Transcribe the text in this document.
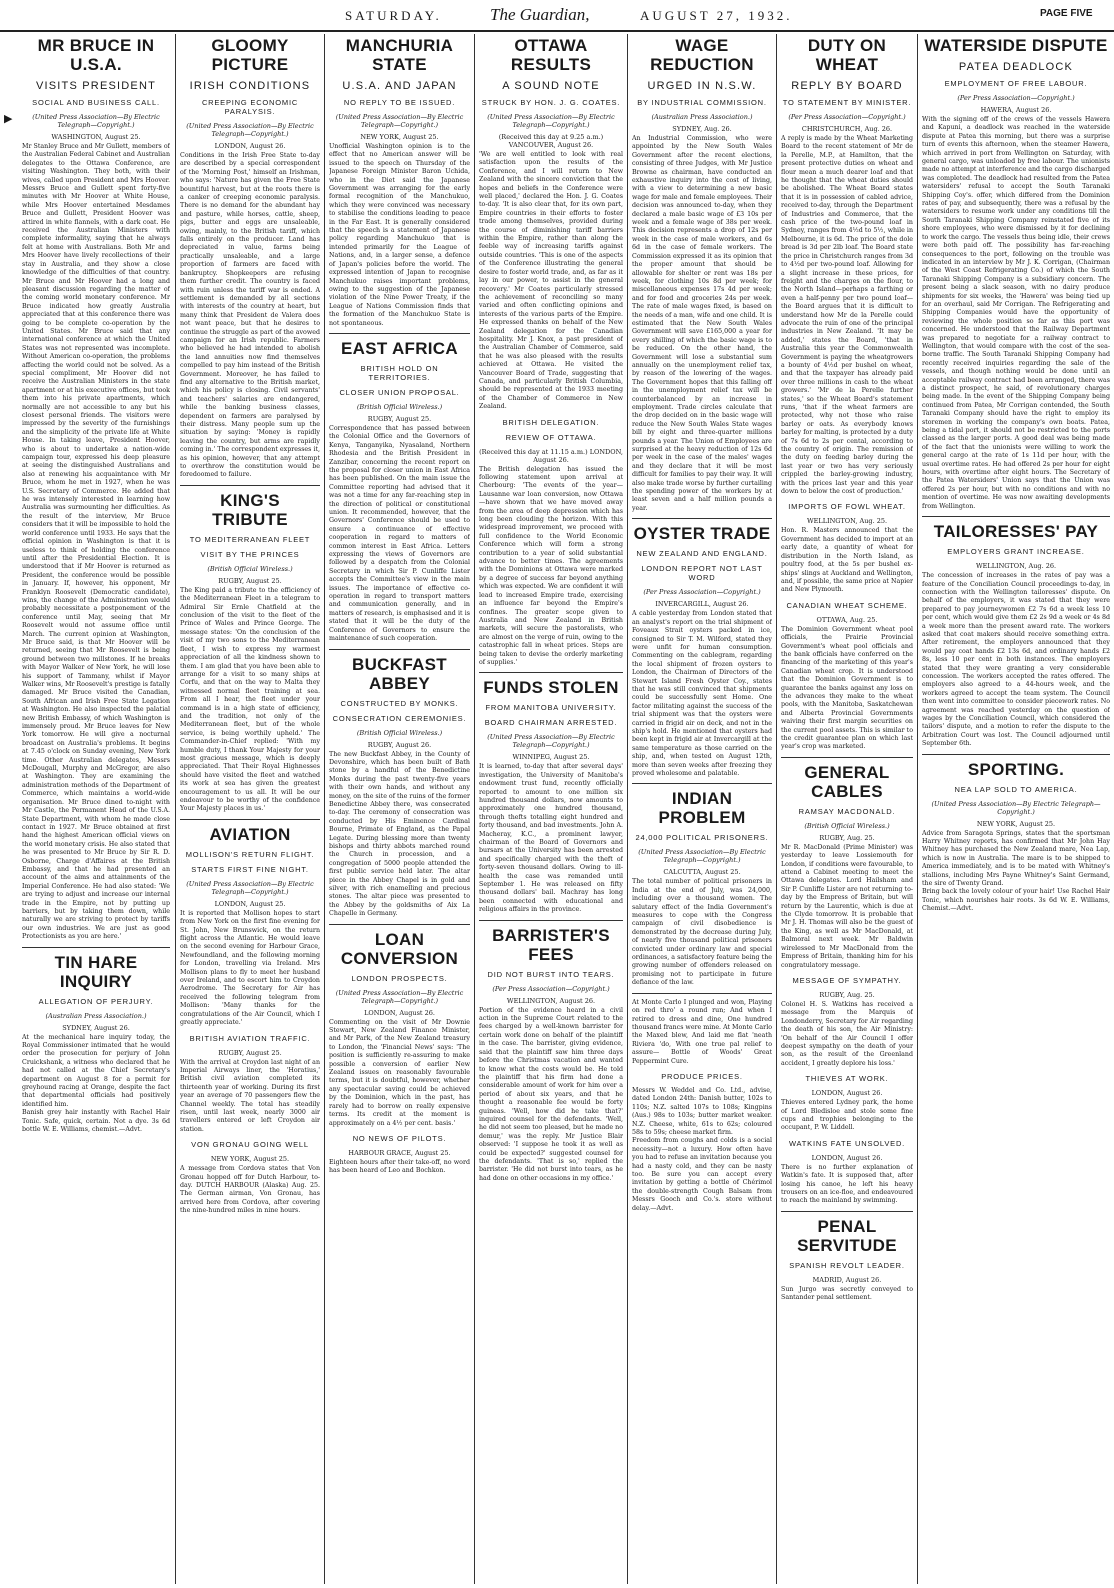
SATURDAY.	The Guardian,	AUGUST 27, 1932.	PAGE FIVE
▶
MR BRUCE IN U.S.A.
VISITS PRESIDENT
SOCIAL AND BUSINESS CALL.
(United Press Association—By Electric Telegraph—Copyright.)
WASHINGTON, August 25.

Mr Stanley Bruce and Mr Gullett, members of the Australian Federal Cabinet and Australian delegates to the Ottawa Conference, are visiting Washington. They both, with their wives, called upon President and Mrs Hoover. Messrs Bruce and Gullett spent forty-five minutes with Mr Hoover at White House, while Mrs Hoover entertained Mesdames Bruce and Gullett, President Hoover was attired in white flannels, with a dark coat. He received the Australian Ministers with complete informality, saying that he always felt at home with Australians. Both Mr and Mrs Hoover have lively recollections of their stay in Australia, and they show a close knowledge of the difficulties of that country. Mr Bruce and Mr Hoover had a long and pleasant discussion regarding the matter of the coming world monetary conference. Mr Bruce indicated how greatly Australia appreciated that at this conference there was going to be complete co-operation by the United States. Mr Bruce said that any international conference at which the United States was not represented was incomplete. Without American co-operation, the problems affecting the world could not be solved. As a special compliment, Mr Hoover did not receive the Australian Ministers in the state apartment or at his executive offices, but took them into his private apartments, which normally are not accessible to any but his closest personal friends. The visitors were impressed by the severity of the furnishings and the simplicity of the private life at White House. In taking leave, President Hoover, who is about to undertake a nation-wide campaign tour, expressed his deep pleasure at seeing the distinguished Australians and also at renewing his acquaintance with Mr Bruce, whom he met in 1927, when he was U.S. Secretary of Commerce. He added that he was intensely interested in learning how Australia was surmounting her difficulties. As the result of the interview, Mr Bruce considers that it will be impossible to hold the world conference until 1933. He says that the official opinion in Washington is that it is useless to think of holding the conference until after the Presidential Election. It is understood that if Mr Hoover is returned as President, the conference would be possible in January. If, however, his opponent, Mr Franklyn Roosevelt (Democratic candidate), wins, the change of the Administration would probably necessitate a postponement of the conference until May, seeing that Mr Roosevelt would not assume office until March. The current opinion at Washington, Mr Bruce said, is that Mr Hoover will be returned, seeing that Mr Roosevelt is being ground between two millstones. If he breaks with Mayor Walker of New York, he will lose his support of Tammany, whilst if Mayor Walker wins, Mr Roosevelt's prestige is fatally damaged. Mr Bruce visited the Canadian, South African and Irish Free State Legation at Washington. He also inspected the palatial new British Embassy, of which Washington is immensely proud. Mr Bruce leaves for New York tomorrow. He will give a nocturnal broadcast on Australia's problems. It begins at 7.45 o'clock on Sunday evening, New York time. Other Australian delegates, Messrs McDougall, Murphy and McGregor, are also at Washington. They are examining the administration methods of the Department of Commerce, which maintains a world-wide organisation. Mr Bruce dined to-night with Mr Castle, the Permanent Head of the U.S.A. State Department, with whom he made close contact in 1927. Mr Bruce obtained at first hand the highest American official views on the world monetary crisis. He also stated that he was presented to Mr Bruce by Sir R. D. Osborne, Charge d'Affaires at the British Embassy, and that he had presented an account of the aims and attainments of the Imperial Conference. He had also stated: 'We are trying to adjust and increase our internal trade in the Empire, not by putting up barriers, but by taking them down, while naturally we are striving to protect by tariffs our own industries. We are just as good Protectionists as you are here.'

TIN HARE INQUIRY
ALLEGATION OF PERJURY.
(Australian Press Association.)
SYDNEY, August 26.

At the mechanical hare inquiry today, the Royal Commissioner intimated that he would order the prosecution for perjury of John Cruickshank, a witness who declared that he had not called at the Chief Secretary's department on August 8 for a permit for greyhound racing at Orange, despite the fact that departmental officials had positively identified him.

Banish grey hair instantly with Rachel Hair Tonic. Safe, quick, certain. Not a dye. 3s 6d bottle W. E. Williams, chemist.—Advt.

GLOOMY PICTURE
IRISH CONDITIONS
CREEPING ECONOMIC PARALYSIS.
(United Press Association—By Electric Telegraph—Copyright.)
LONDON, August 26.

Conditions in the Irish Free State to-day are described by a special correspondent of the 'Morning Post,' himself an Irishman, who says: 'Nature has given the Free State bountiful harvest, but at the roots there is a canker of creeping economic paralysis. There is no demand for the abundant hay and pasture, while horses, cattle, sheep, pigs, butter and eggs are unsaleable, owing, mainly, to the British tariff, which falls entirely on the producer. Land has depreciated in value, farms being practically unsaleable, and a large proportion of farmers are faced with bankruptcy. Shopkeepers are refusing them further credit. The country is faced with ruin unless the tariff war is ended. A settlement is demanded by all sections with interests of the country at heart, but many think that President de Valera does not want peace, but that he desires to continue the struggle as part of the avowed campaign for an Irish republic. Farmers who believed he had intended to abolish the land annuities now find themselves compelled to pay him instead of the British Government. Moreover, he has failed to find any alternative to the British market, which his policy is closing. Civil servants' and teachers' salaries are endangered, while the banking business classes, dependent on farmers are paralysed by their distress. Many people sum up the situation by saying: 'Money is rapidly leaving the country, but arms are rapidly coming in.' The correspondent expresses it, as his opinion, however, that any attempt to overthrow the constitution would be foredoomed to failure.

KING'S TRIBUTE
TO MEDITERRANEAN FLEET
VISIT BY THE PRINCES
(British Official Wireless.)
RUGBY, August 25.

The King paid a tribute to the efficiency of the Mediterranean Fleet in a telegram to Admiral Sir Ernle Chatfield at the conclusion of the visit to the fleet of the Prince of Wales and Prince George. The message states: 'On the conclusion of the visit of my two sons to the Mediterranean fleet, I wish to express my warmest appreciation of all the kindness shown to them. I am glad that you have been able to arrange for a visit to so many ships at Corfu, and that on the way to Malta they witnessed normal fleet training at sea. From all I hear, the fleet under your command is in a high state of efficiency, and the tradition, not only of the Mediterranean fleet, but of the whole service, is being worthily upheld.' The Commander-in-Chief replied: 'With my humble duty, I thank Your Majesty for your most gracious message, which is deeply appreciated. That Their Royal Highnesses should have visited the fleet and watched its work at sea has given the greatest encouragement to us all. It will be our endeavour to be worthy of the confidence Your Majesty places in us.'

AVIATION
MOLLISON'S RETURN FLIGHT.
STARTS FIRST FINE NIGHT.
(United Press Association—By Electric Telegraph—Copyright.)
LONDON, August 25.

It is reported that Mollison hopes to start from New York on the first fine evening for St. John, New Brunswick, on the return flight across the Atlantic. He would leave on the second evening for Harbour Grace, Newfoundland, and the following morning for London, travelling via Ireland. Mrs Mollison plans to fly to meet her husband over Ireland, and to escort him to Croydon Aerodrome. The Secretary for Air has received the following telegram from Mollison: 'Many thanks for the congratulations of the Air Council, which I greatly appreciate.'

BRITISH AVIATION TRAFFIC.
RUGBY, August 25.

With the arrival at Croydon last night of an Imperial Airways liner, the 'Horatius,' British civil aviation completed its thirteenth year of working. During its first year an average of 70 passengers flew the Channel weekly. The total has steadily risen, until last week, nearly 3000 air travellers entered or left Croydon air station.

VON GRONAU GOING WELL
NEW YORK, August 25.

A message from Cordova states that Von Gronau hopped off for Dutch Harbour, to-day. DUTCH HARBOUR (Alaska) Aug. 25. The German airman, Von Gronau, has arrived here from Cordova, after covering the nine-hundred miles in nine hours.

MANCHURIA STATE
U.S.A. AND JAPAN
NO REPLY TO BE ISSUED.
(United Press Association—By Electric Telegraph—Copyright.)
NEW YORK, August 25.

Unofficial Washington opinion is to the effect that no American answer will be issued to the speech on Thursday of the Japanese Foreign Minister Baron Uchida, who in the Diet said the Japanese Government was arranging for the early formal recognition of the Manchukuo, which they were convinced was necessary to stabilise the conditions leading to peace in the Far East. It is generally considered that the speech is a statement of Japanese policy regarding Manchukuo that is intended primarily for the League of Nations, and, in a larger sense, a defence of Japan's policies before the world. The expressed intention of Japan to recognise Manchukuo raises important problems, owing to the suggestion of the Japanese violation of the Nine Power Treaty, if the League of Nations Commission finds that the formation of the Manchukuo State is not spontaneous.

EAST AFRICA
BRITISH HOLD ON TERRITORIES.
CLOSER UNION PROPOSAL.
(British Official Wireless.)
RUGBY, August 25.

Correspondence that has passed between the Colonial Office and the Governors of Kenya, Tanganyika, Nyasaland, Northern Rhodesia and the British President in Zanzibar, concerning the recent report on the proposal for closer union in East Africa has been published. On the main issue the Committee reporting had advised that it was not a time for any far-reaching step in the direction of political or constitutional union. It recommended, however, that the Governors' Conference should be used to ensure a continuance of effective cooperation in regard to matters of common interest in East Africa. Letters expressing the views of Governors are followed by a despatch from the Colonial Secretary in which Sir P. Cunliffe Lister accepts the Committee's view in the main issues. The importance of effective co-operation in regard to transport matters and communication generally, and in matters of research, is emphasised and it is stated that it will be the duty of the Conference of Governors to ensure the maintenance of such cooperation.

BUCKFAST ABBEY
CONSTRUCTED BY MONKS.
CONSECRATION CEREMONIES.
(British Official Wireless.)
RUGBY, August 26.

The new Buckfast Abbey, in the County of Devonshire, which has been built of Bath stone by a handful of the Benedictine Monks during the past twenty-five years with their own hands, and without any money, on the site of the ruins of the former Benedictine Abbey there, was consecrated to-day. The ceremony of consecration was conducted by His Eminence Cardinal Bourne, Primate of England, as the Papal Legate. During blessing more than twenty bishops and thirty abbots marched round the Church in procession, and a congregation of 5000 people attended the first public service held later. The altar piece in the Abbey Chapel is in gold and silver, with rich enamelling and precious stones. The altar piece was presented to the Abbey by the goldsmiths of Aix La Chapelle in Germany.

LOAN CONVERSION
LONDON PROSPECTS.
(United Press Association—By Electric Telegraph—Copyright.)
LONDON, August 26.

Commenting on the visit of Mr Downie Stewart, New Zealand Finance Minister, and Mr Park, of the New Zealand treasury to London, the 'Financial News' says: 'The position is sufficiently re-assuring to make possible a conversion of earlier New Zealand issues on reasonably favourable terms, but it is doubtful, however, whether any spectacular saving could be achieved by the Dominion, which in the past, has rarely had to borrow on really expensive terms. Its credit at the moment is approximately on a 4½ per cent. basis.'

NO NEWS OF PILOTS.
HARBOUR GRACE, August 25.

Eighteen hours after their take-off, no word has been heard of Leo and Bochkon.

OTTAWA RESULTS
A SOUND NOTE
STRUCK BY HON. J. G. COATES.
(United Press Association—By Electric Telegraph—Copyright.)
(Received this day at 9.25 a.m.) VANCOUVER, August 26.

'We are well entitled to look with real satisfaction upon the results of the Conference, and I will return to New Zealand with the sincere conviction that the hopes and beliefs in the Conference were well placed,' declared the Hon. J. G. Coates to-day. 'It is also clear that, for its own part, Empire countries in their efforts to foster trade among themselves, provided during the course of diminishing tariff barriers within the Empire, rather than along the feeble way of increasing tariffs against outside countries. 'This is one of the aspects of the Conference illustrating the general desire to foster world trade, and, as far as it lay in our power, to assist in the general recovery.' Mr Coates particularly stressed the achievement of reconciling so many varied and often conflicting opinions and interests of the various parts of the Empire. He expressed thanks on behalf of the New Zealand delegation for the Canadian hospitality. Mr J. Knox, a past president of the Australian Chamber of Commerce, said that he was also pleased with the results achieved at Ottawa. He visited the Vancouver Board of Trade, suggesting that Canada, and particularly British Columbia, should be represented at the 1933 meeting of the Chamber of Commerce in New Zealand.

BRITISH DELEGATION.
REVIEW OF OTTAWA.
(Received this day at 11.15 a.m.) LONDON, August 26.

The British delegation has issued the following statement upon arrival at Cherbourg: 'The events of the year—Lausanne war loan conversion, now Ottawa—have shown that we have moved away from the area of deep depression which has long been clouding the horizon. With this widespread improvement, we proceed with full confidence to the World Economic Conference which will form a strong contribution to a year of solid substantial advance to better times. The agreements with the Dominions at Ottawa were marked by a degree of success far beyond anything which was expected. We are confident it will lead to increased Empire trade, exercising an influence far beyond the Empire's confines. The greater scope given to Australia and New Zealand in British markets, will secure the pastoralists, who are almost on the verge of ruin, owing to the catastrophic fall in wheat prices. Steps are being taken to devise the orderly marketing of supplies.'

FUNDS STOLEN
FROM MANITOBA UNIVERSITY.
BOARD CHAIRMAN ARRESTED.
(United Press Association—By Electric Telegraph—Copyright.)
WINNIPEG, August 25.

It is learned, to-day that after several days' investigation, the University of Manitoba's endowment trust fund, recently officially reported to amount to one million six hundred thousand dollars, now amounts to approximately one hundred thousand, through thefts totalling eight hundred and forty thousand, and bad investments. John A. Macheray, K.C., a prominent lawyer, chairman of the Board of Governors and bursars at the University has been arrested and specifically charged with the theft of forty-seven thousand dollars. Owing to ill-health the case was remanded until September 1. He was released on fifty thousand dollars' bail. Machray has long been connected with educational and religious affairs in the province.

BARRISTER'S FEES
DID NOT BURST INTO TEARS.
(Per Press Association—Copyright.)
WELLINGTON, August 26.

Portion of the evidence heard in a civil action in the Supreme Court related to the fees charged by a well-known barrister for certain work done on behalf of the plaintiff in the case. The barrister, giving evidence, said that the plaintiff saw him three days before the Christmas vacation and wanted to know what the costs would be. He told the plaintiff that his firm had done a considerable amount of work for him over a period of about six years, and that he thought a reasonable fee would be forty guineas. 'Well, how did he take that?' inquired counsel for the defendants. 'Well, he did not seem too pleased, but he made no demur,' was the reply. Mr Justice Blair observed: 'I suppose he took it as well as could be expected?' suggested counsel for the defendants. 'That is so,' replied the barrister. 'He did not burst into tears, as he had done on other occasions in my office.'

WAGE REDUCTION
URGED IN N.S.W.
BY INDUSTRIAL COMMISSION.
(Australian Press Association.)
SYDNEY, Aug. 26.

An Industrial Commission, who were appointed by the New South Wales Government after the recent elections, consisting of three Judges, with Mr Justice Browne as chairman, have conducted an exhaustive inquiry into the cost of living, with a view to determining a new basic wage for male and female employees. Their decision was announced to-day, when they declared a male basic wage of £3 10s per week and a female wage of 38s per week. This decision represents a drop of 12s per week in the case of male workers, and 6s 6d in the case of female workers. The Commission expressed it as its opinion that the proper amount that should be allowable for shelter or rent was 18s per week, for clothing 10s 8d per week; for miscellaneous expenses 17s 4d per week; and for food and groceries 24s per week. The rate of male wages fixed, is based on the needs of a man, wife and one child. It is estimated that the New South Wales Government will save £165,000 a year for every shilling of which the basic wage is to be reduced. On the other hand, the Government will lose a substantial sum annually on the unemployment relief tax, by reason of the lowering of the wages. The Government hopes that this falling off in the unemployment relief tax will be counterbalanced by an increase in employment. Trade circles calculate that the drop decided on in the basic wage will reduce the New South Wales State wages bill by eight and three-quarter millions pounds a year. The Union of Employees are surprised at the heavy reduction of 12s 6d per week in the case of the males' wages and they declare that it will be most difficult for families to pay their way. It will also make trade worse by further curtailing the spending power of the workers by at least seven and a half million pounds a year.

OYSTER TRADE
NEW ZEALAND AND ENGLAND.
LONDON REPORT NOT LAST WORD
(Per Press Association—Copyright.)
INVERCARGILL, August 26.

A cable yesterday from London stated that an analyst's report on the trial shipment of Foveaux Strait oysters packed in ice, consigned to Sir T. M. Wilford, stated they were unfit for human consumption. Commenting on the cablegram, regarding the local shipment of frozen oysters to London, the Chairman of Directors of the Stewart Island Fresh Oyster Coy., states that he was still convinced that shipments could be successfully sent Home. One factor militating against the success of the trial shipment was that the oysters were carried in frigid air on deck, and not in the ship's hold. He mentioned that oysters had been kept in frigid air at Invercargill at the same temperature as those carried on the ship, and, when tested on August 12th, more than seven weeks after freezing they proved wholesome and palatable.

INDIAN PROBLEM
24,000 POLITICAL PRISONERS.
(United Press Association—By Electric Telegraph—Copyright.)
CALCUTTA, August 25.

The total number of political prisoners in India at the end of July, was 24,000, including over a thousand women. The salutary effect of the India Government's measures to cope with the Congress campaign of civil disobedience is demonstrated by the decrease during July, of nearly five thousand political prisoners convicted under ordinary law and special ordinances, a satisfactory feature being the growing number of offenders released on promising not to participate in future defiance of the law.

At Monte Carlo I plunged and won, Playing on red thro' a round run; And when I retired to dress and dine, One hundred thousand francs were mine. At Monte Carlo the Maxed blew, And laid me flat 'neath Riviera 'do, With one true pal relief to assure— Bottle of Woods' Great Peppermint Cure.

PRODUCE PRICES.

Messrs W. Weddel and Co. Ltd., advise, dated London 24th: Danish butter, 102s to 110s; N.Z. salted 107s to 108s; Kingpins (Aus.) 98s to 103s; butter market weaker. N.Z. Cheese, white, 61s to 62s; coloured 58s to 59s; cheese market firm.

Freedom from coughs and colds is a social necessity—not a luxury. How often have you had to refuse an invitation because you had a nasty cold, and they can be nasty too. Be sure you can accept every invitation by getting a bottle of Chérimol the double-strength Cough Balsam from Messrs Gooch and Co.'s. store without delay.—Advt.

DUTY ON WHEAT
REPLY BY BOARD
TO STATEMENT BY MINISTER.
(Per Press Association—Copyright.)
CHRISTCHURCH, Aug. 26.

A reply is made by the Wheat Marketing Board to the recent statement of Mr de la Perelle, M.P., at Hamilton, that the present protective duties on wheat and flour mean a much dearer loaf and that he thought that the wheat duties should be abolished. The Wheat Board states that it is in possession of cabled advice, received to-day, through the Department of Industries and Commerce, that the cash price of the two-pound loaf in Sydney, ranges from 4½d to 5½, while in Melbourne, it is 6d. The price of the dole bread is 3d per 2lb loaf. The Board state the price in Christchurch ranges from 3d to 4½d per two-pound loaf. Allowing for a slight increase in these prices, for freight and the charges on the flour, to the North Island—perhaps a farthing or even a half-penny per two pound loaf—the Board argues that it is difficult to understand how Mr de la Perelle could advocate the ruin of one of the principal industries in New Zealand. 'It may be added,' states the Board, 'that in Australia this year the Commonwealth Government is paying the wheatgrowers a bounty of 4½d per bushel on wheat, and that the taxpayer has already paid over three millions in cash to the wheat growers.' 'Mr de la Perelle further states,' so the Wheat Board's statement runs, 'that if the wheat farmers are protected, why not those who raise barley or oats. As everybody knows barley for malting, is protected by a duty of 7s 6d to 2s per cental, according to the country of origin. The remission of the duty on feeding barley during the last year or two has very seriously crippled the barley-growing industry, with the prices last year and this year down to below the cost of production.'

IMPORTS OF FOWL WHEAT.
WELLINGTON, Aug. 25.

Hon. R. Masters announced that the Government has decided to import at an early date, a quantity of wheat for distribution in the North Island, as poultry food, at the 5s per bushel ex-ships' slings at Auckland and Wellington, and, if possible, the same price at Napier and New Plymouth.

CANADIAN WHEAT SCHEME.
OTTAWA, Aug. 25.

The Dominion Government wheat pool officials, the Prairie Provincial Government's wheat pool officials and the bank officials have conferred on the financing of the marketing of this year's Canadian wheat crop. It is understood that the Dominion Government is to guarantee the banks against any loss on the advances they make to the wheat pools, with the Manitoba, Saskatchewan and Alberta Provincial Governments waiving their first margin securities on the current pool assets. This is similar to the credit guarantee plan on which last year's crop was marketed.

GENERAL CABLES
RAMSAY MACDONALD.
(British Official Wireless.)
RUGBY, Aug. 25.

Mr R. MacDonald (Prime Minister) was yesterday to leave Lossiemouth for London, if conditions were favourable, to attend a Cabinet meeting to meet the Ottawa delegates. Lord Hailsham and Sir P. Cunliffe Lister are not returning to-day by the Empress of Britain, but will return by the Laurentic, which is due at the Clyde tomorrow. It is probable that Mr J. H. Thomas will also be the guest of the King, as well as Mr MacDonald, at Balmoral next week. Mr Baldwin wirelessed to Mr MacDonald from the Empress of Britain, thanking him for his congratulatory message.

MESSAGE OF SYMPATHY.
RUGBY, Aug. 25.

Colonel H. S. Watkins has received a message from the Marquis of Londonderry, Secretary for Air regarding the death of his son, the Air Ministry: 'On behalf of the Air Council I offer deepest sympathy on the death of your son, as the result of the Greenland accident, I greatly deplore his loss.'

THIEVES AT WORK.
LONDON, August 26.

Thieves entered Lydney park, the home of Lord Bledisloe and stole some fine cups and trophies belonging to the occupant, P. W. Liddell.

WATKINS FATE UNSOLVED.
LONDON, August 26.

There is no further explanation of Watkin's fate. It is supposed that, after losing his canoe, he left his heavy trousers on an ice-floe, and endeavoured to reach the mainland by swimming.

PENAL SERVITUDE
SPANISH REVOLT LEADER.
MADRID, August 26.

Sun Jurgo was secretly conveyed to Santander penal settlement.

WATERSIDE DISPUTE
PATEA DEADLOCK
EMPLOYMENT OF FREE LABOUR.
(Per Press Association—Copyright.)
HAWERA, August 26.

With the signing off of the crews of the vessels Hawera and Kapuni, a deadlock was reached in the waterside dispute at Patea this morning, but there was a surprise turn of events this afternoon, when the steamer Hawera, which arrived in port from Wellington on Saturday, with general cargo, was unloaded by free labour. The unionists made no attempt at interference and the cargo discharged was completed. The deadlock had resulted from the Patea watersiders' refusal to accept the South Taranaki Shipping Coy's. offer, which differed from the Dominion rates of pay, and subsequently, there was a refusal by the watersiders to resume work under any conditions till the South Taranaki Shipping Company reinstated five of its shore employees, who were dismissed by it for declining to work the cargo. The vessels thus being idle, their crews were both paid off. The possibility has far-reaching consequences to the port, following on the trouble was indicated in an interview by Mr J. K. Corrigan, (Chairman of the West Coast Refrigerating Co.) of which the South Taranaki Shipping Company is a subsidiary concern. The present being a slack season, with no dairy produce shipments for six weeks, the 'Hawera' was being tied up for an overhaul, said Mr Corrigan. The Refrigerating and Shipping Companies would have the opportunity of reviewing the whole position so far as this port was concerned. He understood that the Railway Department was prepared to negotiate for a railway contract to Wellington, that would compare with the cost of the sea-borne traffic. The South Taranaki Shipping Company had recently received inquiries regarding the sale of the vessels, and though nothing would be done until an acceptable railway contract had been arranged, there was a distinct prospect, he said, of revolutionary charges being made. In the event of the Shipping Company being continued from Patea, Mr Corrigan contended, the South Taranaki Company should have the right to employ its storemen in working the company's own boats. Patea, being a tidal port, it should not be restricted to the ports classed as the larger ports. A good deal was being made of the fact that the unionists were willing to work the general cargo at the rate of 1s 11d per hour, with the usual overtime rates. He had offered 2s per hour for eight hours, with overtime after eight hours. The Secretary of the Patea Watersiders' Union says that the Union was offered 2s per hour, but with no conditions and with no mention of overtime. He was now awaiting developments from Wellington.

TAILORESSES' PAY
EMPLOYERS GRANT INCREASE.
WELLINGTON, Aug. 26.

The concession of increases in the rates of pay was a feature of the Conciliation Council proceedings to-day, in connection with the Wellington tailoresses' dispute. On behalf of the employers, it was stated that they were prepared to pay journeywomen £2 7s 6d a week less 10 per cent, which would give them £2 2s 9d a week or 4s 8d a week more than the present award rate. The workers asked that coat makers should receive something extra. After retirement, the employers announced that they would pay coat hands £2 13s 6d, and ordinary hands £2 8s, less 10 per cent in both instances. The employers stated that they were granting a very considerable concession. The workers accepted the rates offered. The employers also agreed to a 44-hours week, and the workers agreed to accept the team system. The Council then went into committee to consider piecework rates. No agreement was reached yesterday on the question of wages by the Conciliation Council, which considered the tailors' dispute, and a motion to refer the dispute to the Arbitration Court was lost. The Council adjourned until September 6th.

SPORTING.
NEA LAP SOLD TO AMERICA.
(United Press Association—By Electric Telegraph—Copyright.)
NEW YORK, August 25.

Advice from Saragota Springs, states that the sportsman Harry Whitney reports, has confirmed that Mr John Hay Whitney has purchased the New Zealand mare, Nea Lap, which is now in Australia. The mare is to be shipped to America immediately, and is to be mated with Whitney's stallions, including Mrs Payne Whitney's Saint Germand, the sire of Twenty Grand.

Bring back the lovely colour of your hair! Use Rachel Hair Tonic, which nourishes hair roots. 3s 6d W. E. Williams, Chemist.—Advt.
